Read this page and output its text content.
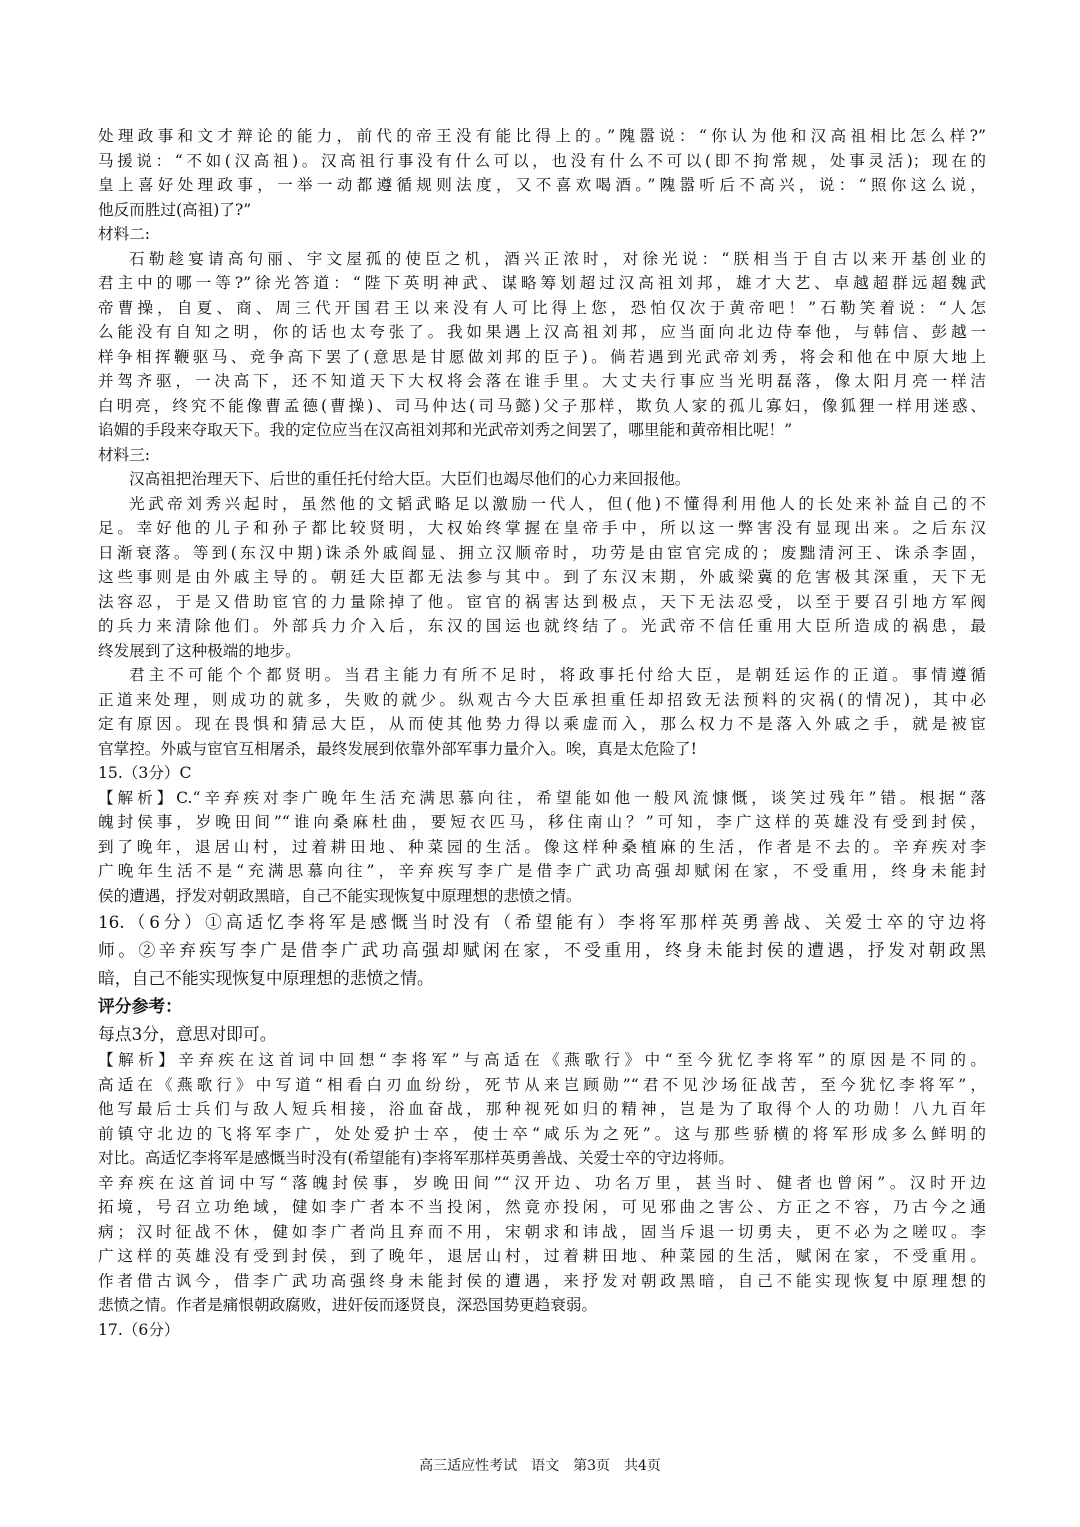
处理政事和文才辩论的能力，前代的帝王没有能比得上的。”隗嚣说：“你认为他和汉高祖相比怎么样?”
马援说：“不如(汉高祖)。汉高祖行事没有什么可以，也没有什么不可以(即不拘常规，处事灵活)；现在的
皇上喜好处理政事，一举一动都遵循规则法度，又不喜欢喝酒。”隗嚣听后不高兴，说：“照你这么说，
他反而胜过(高祖)了?”
材料二:
石勒趁宴请高句丽、宇文屋孤的使臣之机，酒兴正浓时，对徐光说：“朕相当于自古以来开基创业的
君主中的哪一等?”徐光答道：“陛下英明神武、谋略筹划超过汉高祖刘邦，雄才大艺、卓越超群远超魏武
帝曹操，自夏、商、周三代开国君王以来没有人可比得上您，恐怕仅次于黄帝吧！”石勒笑着说：“人怎
么能没有自知之明，你的话也太夸张了。我如果遇上汉高祖刘邦，应当面向北边侍奉他，与韩信、彭越一
样争相挥鞭驱马、竞争高下罢了(意思是甘愿做刘邦的臣子)。倘若遇到光武帝刘秀，将会和他在中原大地上
并驾齐驱，一决高下，还不知道天下大权将会落在谁手里。大丈夫行事应当光明磊落，像太阳月亮一样洁
白明亮，终究不能像曹孟德(曹操)、司马仲达(司马懿)父子那样，欺负人家的孤儿寡妇，像狐狸一样用迷惑、
谄媚的手段来夺取天下。我的定位应当在汉高祖刘邦和光武帝刘秀之间罢了，哪里能和黄帝相比呢！”
材料三:
汉高祖把治理天下、后世的重任托付给大臣。大臣们也竭尽他们的心力来回报他。
光武帝刘秀兴起时，虽然他的文韬武略足以激励一代人，但(他)不懂得利用他人的长处来补益自己的不
足。幸好他的儿子和孙子都比较贤明，大权始终掌握在皇帝手中，所以这一弊害没有显现出来。之后东汉
日渐衰落。等到(东汉中期)诛杀外戚阎显、拥立汉顺帝时，功劳是由宦官完成的；废黜清河王、诛杀李固，
这些事则是由外戚主导的。朝廷大臣都无法参与其中。到了东汉末期，外戚梁冀的危害极其深重，天下无
法容忍，于是又借助宦官的力量除掉了他。宦官的祸害达到极点，天下无法忍受，以至于要召引地方军阀
的兵力来清除他们。外部兵力介入后，东汉的国运也就终结了。光武帝不信任重用大臣所造成的祸患，最
终发展到了这种极端的地步。
君主不可能个个都贤明。当君主能力有所不足时，将政事托付给大臣，是朝廷运作的正道。事情遵循
正道来处理，则成功的就多，失败的就少。纵观古今大臣承担重任却招致无法预料的灾祸(的情况)，其中必
定有原因。现在畏惧和猜忌大臣，从而使其他势力得以乘虚而入，那么权力不是落入外戚之手，就是被宦
官掌控。外戚与宦官互相屠杀，最终发展到依靠外部军事力量介入。唉，真是太危险了!
15.（3分）C
【解析】C.“辛弃疾对李广晚年生活充满思慕向往，希望能如他一般风流慷慨，谈笑过残年”错。根据“落
魄封侯事，岁晚田间”“谁向桑麻杜曲，要短衣匹马，移住南山？”可知，李广这样的英雄没有受到封侯，
到了晚年，退居山村，过着耕田地、种菜园的生活。像这样种桑植麻的生活，作者是不去的。辛弃疾对李
广晚年生活不是“充满思慕向往”，辛弃疾写李广是借李广武功高强却赋闲在家，不受重用，终身未能封
侯的遭遇，抒发对朝政黑暗，自己不能实现恢复中原理想的悲愤之情。
16.（6分）①高适忆李将军是感慨当时没有（希望能有）李将军那样英勇善战、关爱士卒的守边将
师。②辛弃疾写李广是借李广武功高强却赋闲在家，不受重用，终身未能封侯的遭遇，抒发对朝政黑
暗，自己不能实现恢复中原理想的悲愤之情。
评分参考：
每点3分，意思对即可。
【解析】辛弃疾在这首词中回想“李将军”与高适在《燕歌行》中“至今犹忆李将军”的原因是不同的。
高适在《燕歌行》中写道“相看白刃血纷纷，死节从来岂顾勋”“君不见沙场征战苦，至今犹忆李将军”，
他写最后士兵们与敌人短兵相接，浴血奋战，那种视死如归的精神，岂是为了取得个人的功勋！八九百年
前镇守北边的飞将军李广，处处爱护士卒，使士卒“咸乐为之死”。这与那些骄横的将军形成多么鲜明的
对比。高适忆李将军是感慨当时没有(希望能有)李将军那样英勇善战、关爱士卒的守边将师。
辛弃疾在这首词中写“落魄封侯事，岁晚田间”“汉开边、功名万里，甚当时、健者也曾闲”。汉时开边
拓境，号召立功绝域，健如李广者本不当投闲，然竟亦投闲，可见邪曲之害公、方正之不容，乃古今之通
病；汉时征战不休，健如李广者尚且弃而不用，宋朝求和讳战，固当斥退一切勇夫，更不必为之嗟叹。李
广这样的英雄没有受到封侯，到了晚年，退居山村，过着耕田地、种菜园的生活，赋闲在家，不受重用。
作者借古讽今，借李广武功高强终身未能封侯的遭遇，来抒发对朝政黑暗，自己不能实现恢复中原理想的
悲愤之情。作者是痛恨朝政腐败，进奸佞而逐贤良，深恐国势更趋衰弱。
17.（6分）
高三适应性考试　语文　第3页　共4页
